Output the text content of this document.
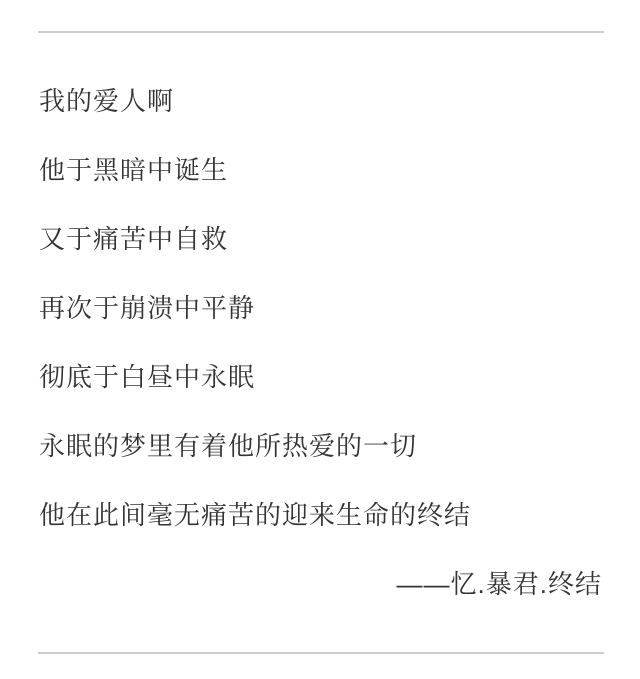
我的爱人啊

他于黑暗中诞生

又于痛苦中自救

再次于崩溃中平静

彻底于白昼中永眠

永眠的梦里有着他所热爱的一切

他在此间毫无痛苦的迎来生命的终结

——忆.暴君.终结
